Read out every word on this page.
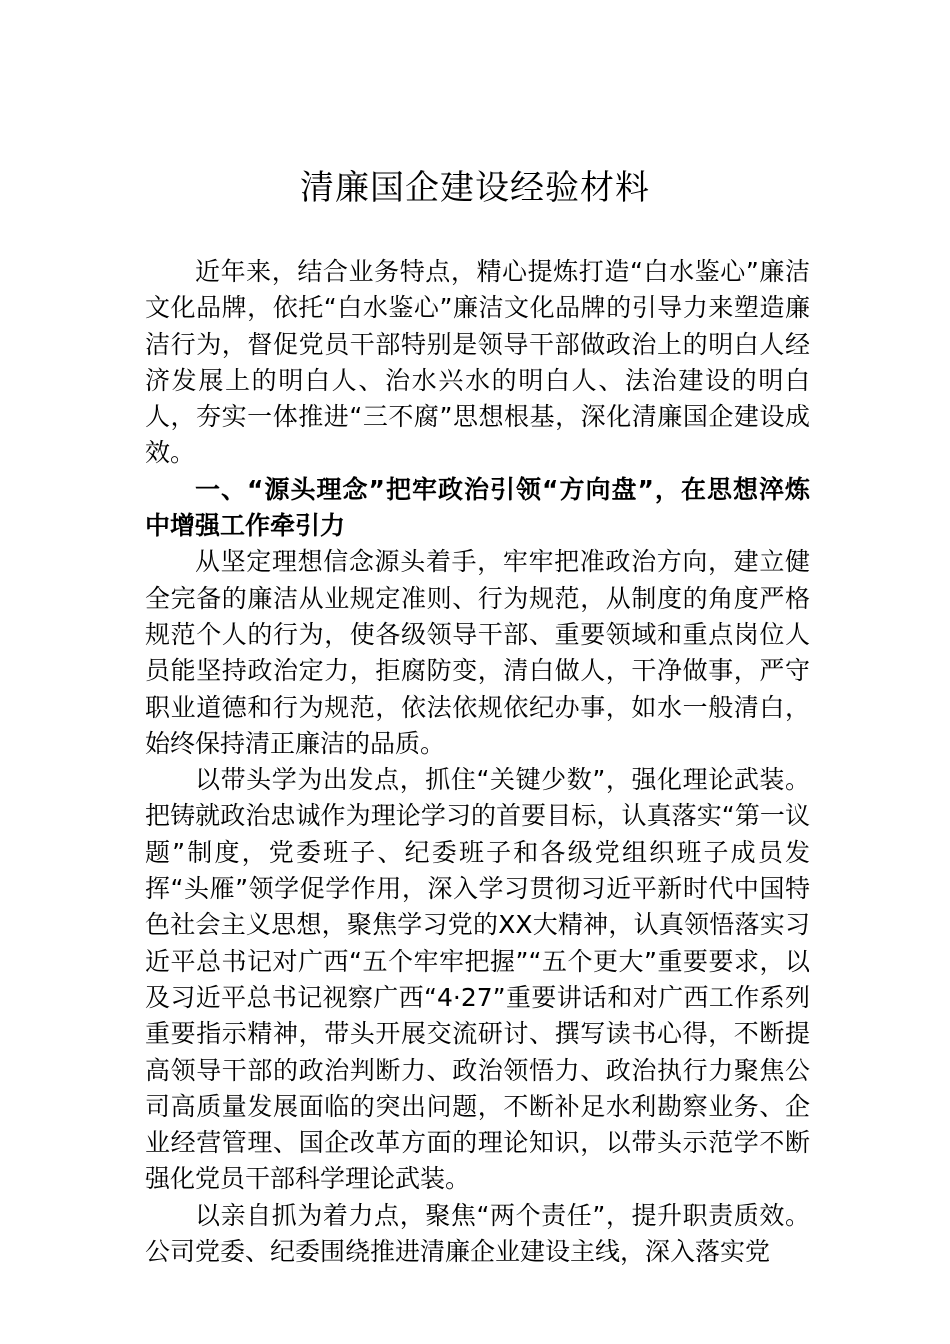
清廉国企建设经验材料

近年来，结合业务特点，精心提炼打造“白水鉴心”廉洁文化品牌，依托“白水鉴心”廉洁文化品牌的引导力来塑造廉洁行为，督促党员干部特别是领导干部做政治上的明白人经济发展上的明白人、治水兴水的明白人、法治建设的明白人，夯实一体推进“三不腐”思想根基，深化清廉国企建设成效。

一、“源头理念”把牢政治引领“方向盘”，在思想淬炼中增强工作牵引力

从坚定理想信念源头着手，牢牢把准政治方向，建立健全完备的廉洁从业规定准则、行为规范，从制度的角度严格规范个人的行为，使各级领导干部、重要领域和重点岗位人员能坚持政治定力，拒腐防变，清白做人，干净做事，严守职业道德和行为规范，依法依规依纪办事，如水一般清白，始终保持清正廉洁的品质。

以带头学为出发点，抓住“关键少数”，强化理论武装。把铸就政治忠诚作为理论学习的首要目标，认真落实“第一议题”制度，党委班子、纪委班子和各级党组织班子成员发挥“头雁”领学促学作用，深入学习贯彻习近平新时代中国特色社会主义思想，聚焦学习党的XX大精神，认真领悟落实习近平总书记对广西“五个牢牢把握”“五个更大”重要要求，以及习近平总书记视察广西“4·27”重要讲话和对广西工作系列重要指示精神，带头开展交流研讨、撰写读书心得，不断提高领导干部的政治判断力、政治领悟力、政治执行力聚焦公司高质量发展面临的突出问题，不断补足水利勘察业务、企业经营管理、国企改革方面的理论知识，以带头示范学不断强化党员干部科学理论武装。

以亲自抓为着力点，聚焦“两个责任”，提升职责质效。公司党委、纪委围绕推进清廉企业建设主线，深入落实党
